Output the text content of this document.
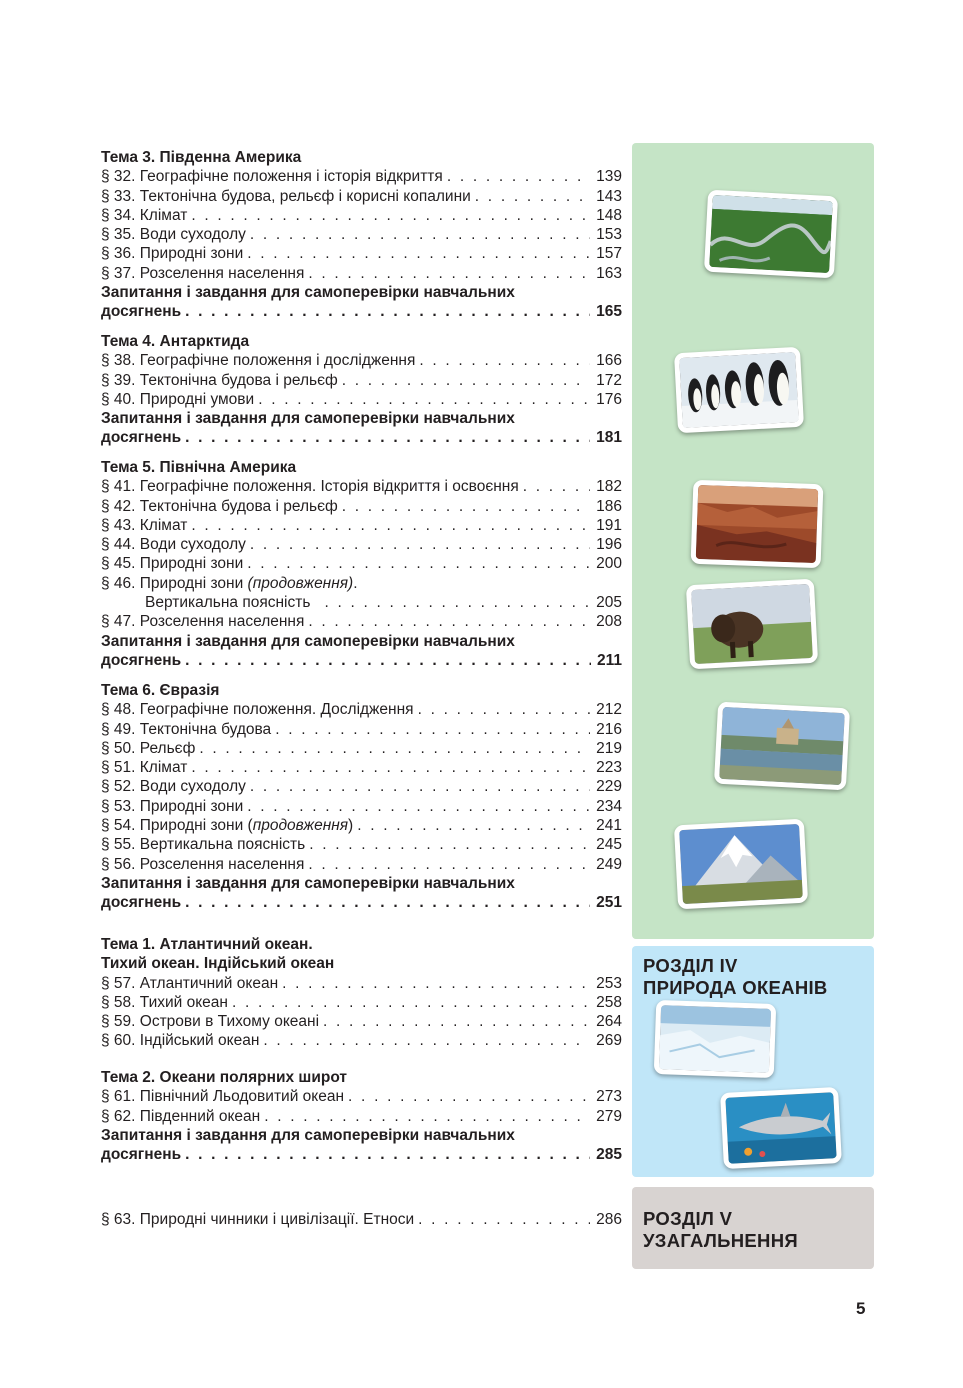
РОЗДІЛ IV
ПРИРОДА ОКЕАНІВ
РОЗДІЛ V
УЗАГАЛЬНЕННЯ
Тема 3. Південна Америка
§ 32. Географічне положення і історія відкриття . . .	139
§ 33. Тектонічна будова, рельєф і корисні копалини . . .	143
§ 34. Клімат . . .	148
§ 35. Води суходолу . . .	153
§ 36. Природні зони . . .	157
§ 37. Розселення населення . . .	163
Запитання і завдання для самоперевірки навчальних
досягнень . . .	165
Тема 4. Антарктида
§ 38. Географічне положення і дослідження . . .	166
§ 39. Тектонічна будова і рельєф . . .	172
§ 40. Природні умови . . .	176
Запитання і завдання для самоперевірки навчальних
досягнень . . .	181
Тема 5. Північна Америка
§ 41. Географічне положення. Історія відкриття і освоєння . . .	182
§ 42. Тектонічна будова і рельєф . . .	186
§ 43. Клімат . . .	191
§ 44. Води суходолу . . .	196
§ 45. Природні зони . . .	200
§ 46. Природні зони (продовження).
Вертикальна поясність . . .	205
§ 47. Розселення населення . . .	208
Запитання і завдання для самоперевірки навчальних
досягнень . . .	211
Тема 6. Євразія
§ 48. Географічне положення. Дослідження . . .	212
§ 49. Тектонічна будова . . .	216
§ 50. Рельєф . . .	219
§ 51. Клімат . . .	223
§ 52. Води суходолу . . .	229
§ 53. Природні зони . . .	234
§ 54. Природні зони (продовження) . . .	241
§ 55. Вертикальна поясність . . .	245
§ 56. Розселення населення . . .	249
Запитання і завдання для самоперевірки навчальних
досягнень . . .	251
Тема 1. Атлантичний океан.
Тихий океан. Індійський океан
§ 57. Атлантичний океан . . .	253
§ 58. Тихий океан . . .	258
§ 59. Острови в Тихому океані . . .	264
§ 60. Індійський океан . . .	269
Тема 2. Океани полярних широт
§ 61. Північний Льодовитий океан . . .	273
§ 62. Південний океан . . .	279
Запитання і завдання для самоперевірки навчальних
досягнень . . .	285
§ 63. Природні чинники і цивілізації. Етноси . . .	286
5
